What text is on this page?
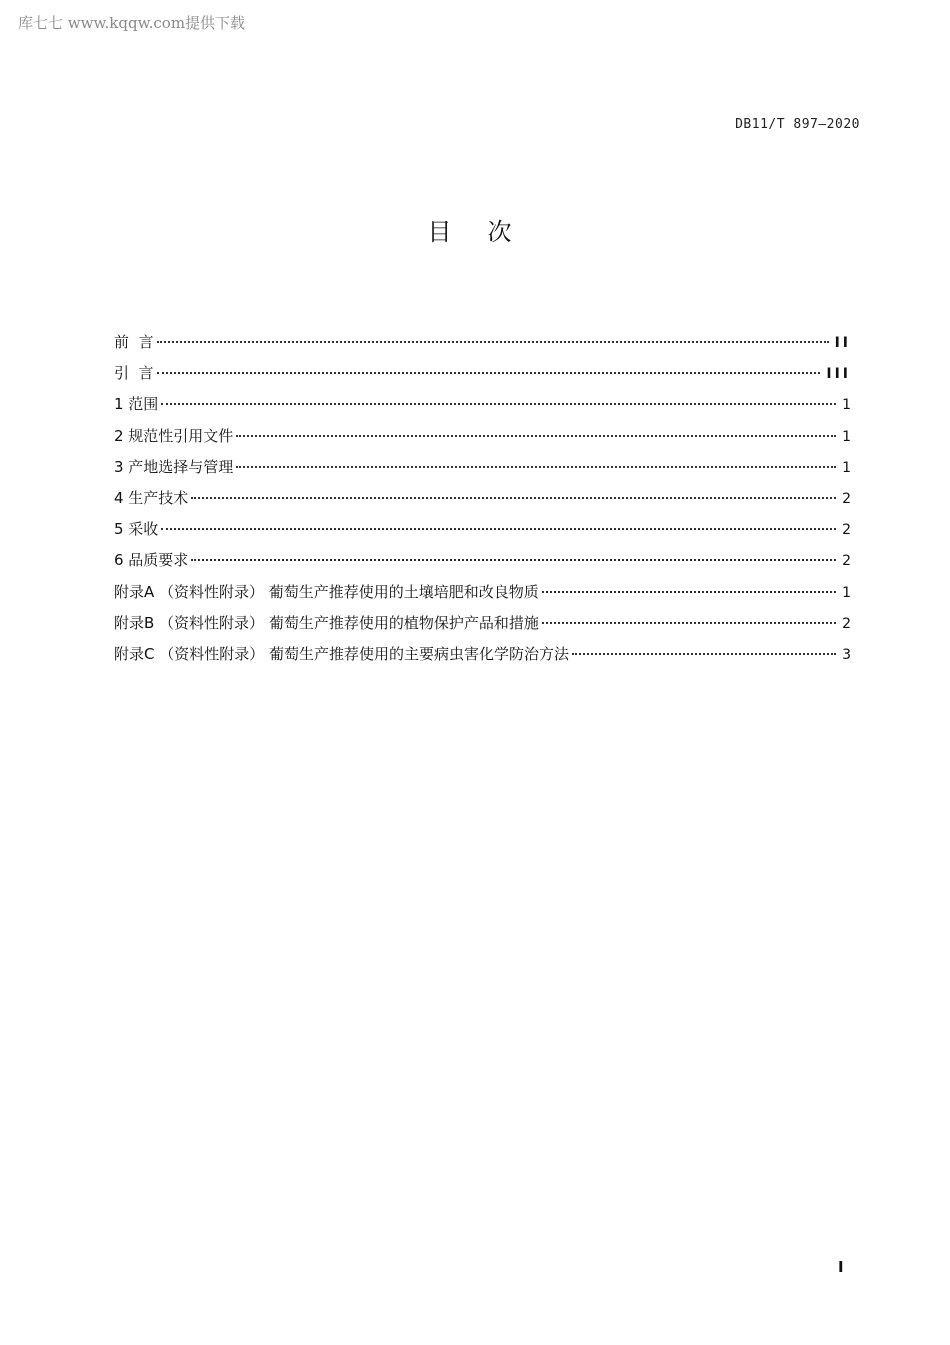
库七七 www.kqqw.com提供下载
DB11/T 897—2020
目次
前  言	II
引  言	III
1 范围	1
2 规范性引用文件	1
3 产地选择与管理	1
4 生产技术	2
5 采收	2
6 品质要求	2
附录A （资料性附录） 葡萄生产推荐使用的土壤培肥和改良物质	1
附录B （资料性附录） 葡萄生产推荐使用的植物保护产品和措施	2
附录C （资料性附录） 葡萄生产推荐使用的主要病虫害化学防治方法	3
I
